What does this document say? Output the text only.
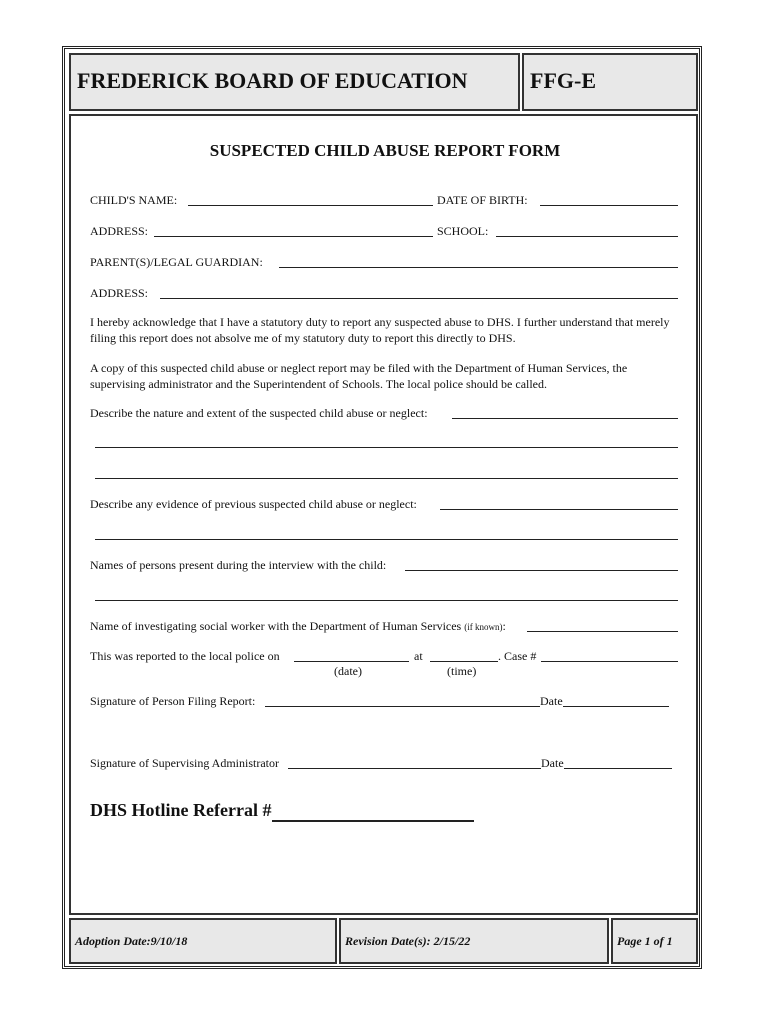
FREDERICK BOARD OF EDUCATION	FFG-E
Adoption Date:9/10/18	Revision Date(s): 2/15/22	Page 1 of 1
SUSPECTED CHILD ABUSE REPORT FORM
CHILD'S NAME:	DATE OF BIRTH:
ADDRESS:	SCHOOL:
PARENT(S)/LEGAL GUARDIAN:
ADDRESS:
I hereby acknowledge that I have a statutory duty to report any suspected abuse to DHS. I further understand that merely filing this report does not absolve me of my statutory duty to report this directly to DHS.
A copy of this suspected child abuse or neglect report may be filed with the Department of Human Services, the supervising administrator and the Superintendent of Schools. The local police should be called.
Describe the nature and extent of the suspected child abuse or neglect:
Describe any evidence of previous suspected child abuse or neglect:
Names of persons present during the interview with the child:
Name of investigating social worker with the Department of Human Services (if known):
This was reported to the local police on	at	. Case #
(date)	(time)
Signature of Person Filing Report:	Date
Signature of Supervising Administrator	Date
DHS Hotline Referral #
